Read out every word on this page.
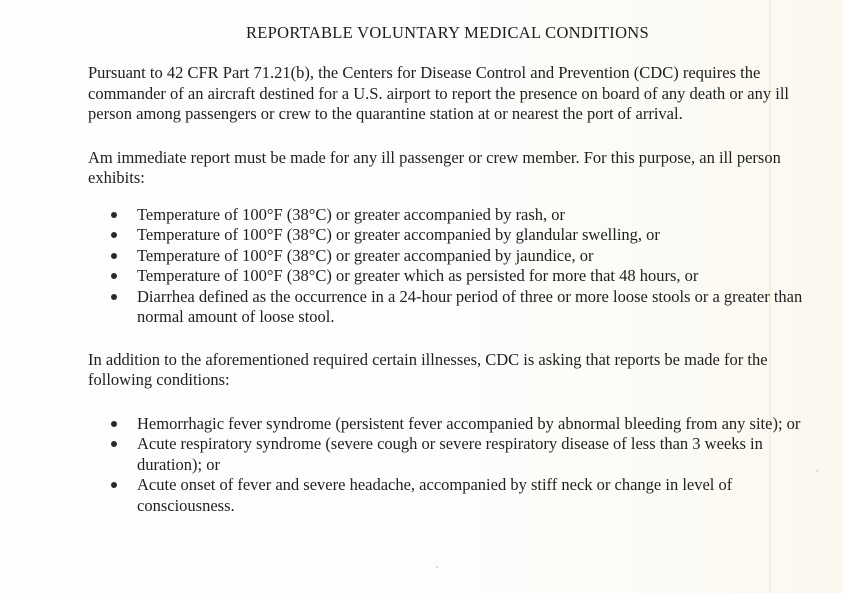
REPORTABLE VOLUNTARY MEDICAL CONDITIONS

Pursuant to 42 CFR Part 71.21(b), the Centers for Disease Control and Prevention (CDC) requires the commander of an aircraft destined for a U.S. airport to report the presence on board of any death or any ill person among passengers or crew to the quarantine station at or nearest the port of arrival.

Am immediate report must be made for any ill passenger or crew member. For this purpose, an ill person exhibits:

Temperature of 100°F (38°C) or greater accompanied by rash, or
Temperature of 100°F (38°C) or greater accompanied by glandular swelling, or
Temperature of 100°F (38°C) or greater accompanied by jaundice, or
Temperature of 100°F (38°C) or greater which as persisted for more that 48 hours, or
Diarrhea defined as the occurrence in a 24-hour period of three or more loose stools or a greater than normal amount of loose stool.

In addition to the aforementioned required certain illnesses, CDC is asking that reports be made for the following conditions:

Hemorrhagic fever syndrome (persistent fever accompanied by abnormal bleeding from any site); or
Acute respiratory syndrome (severe cough or severe respiratory disease of less than 3 weeks in duration); or
Acute onset of fever and severe headache, accompanied by stiff neck or change in level of consciousness.
